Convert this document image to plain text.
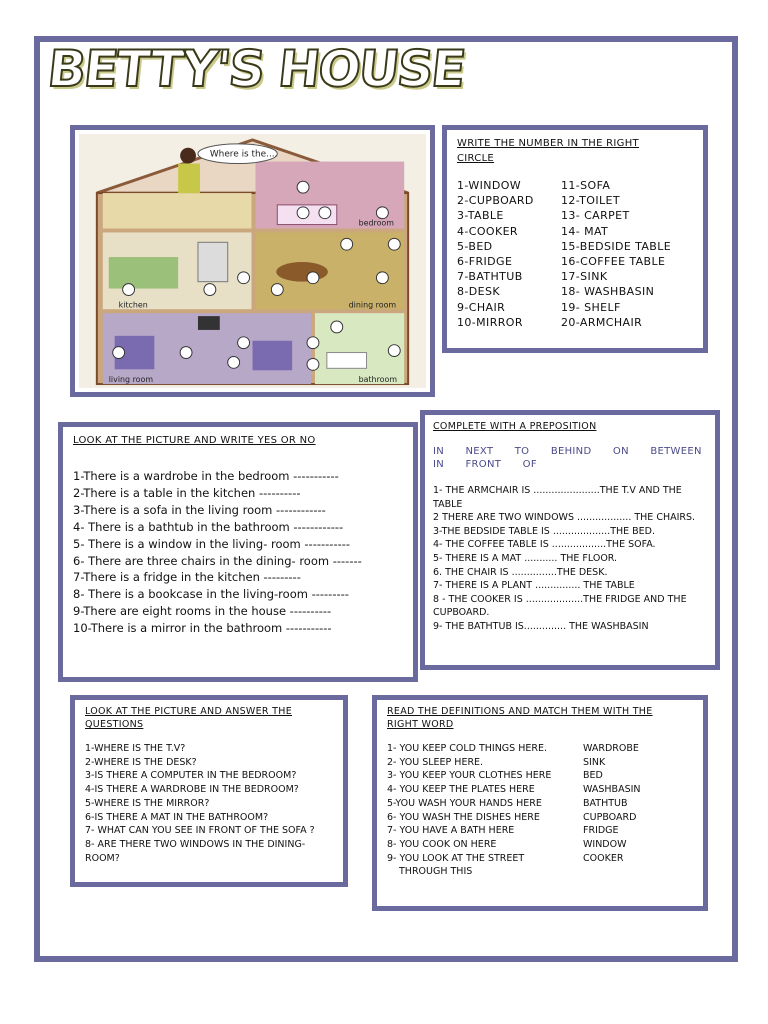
BETTY'S HOUSE
Where is the....
bedroom
kitchen	dining room
living room	bathroom
WRITE THE NUMBER IN THE RIGHT
CIRCLE
1-WINDOW
2-CUPBOARD
3-TABLE
4-COOKER
5-BED
6-FRIDGE
7-BATHTUB
8-DESK
9-CHAIR
10-MIRROR
11-SOFA
12-TOILET
13- CARPET
14- MAT
15-BEDSIDE TABLE
16-COFFEE TABLE
17-SINK
18- WASHBASIN
19- SHELF
20-ARMCHAIR
LOOK AT THE PICTURE AND WRITE YES OR NO
1-There is a wardrobe in the bedroom -----------
2-There is a table in the kitchen ----------
3-There is a sofa in the living room ------------
4- There is a bathtub in the bathroom ------------
5- There is a window in the living- room -----------
6- There are three chairs in the dining- room -------
7-There is a fridge in the kitchen ---------
8- There is a bookcase in the living-room ---------
9-There are eight rooms in the house ----------
10-There is a mirror in the bathroom -----------
COMPLETE WITH A PREPOSITION
IN NEXT TO BEHIND ON BETWEEN
IN FRONT OF
1- THE ARMCHAIR IS ......................THE T.V AND THE TABLE
2 THERE ARE TWO WINDOWS .................. THE CHAIRS.
3-THE BEDSIDE TABLE IS ...................THE BED.
4- THE COFFEE TABLE IS ..................THE SOFA.
5- THERE IS A MAT ........... THE FLOOR.
6. THE CHAIR IS ...............THE DESK.
7- THERE IS A PLANT ............... THE TABLE
8 - THE COOKER IS ...................THE FRIDGE AND THE CUPBOARD.
9- THE BATHTUB IS.............. THE WASHBASIN
LOOK AT THE PICTURE AND ANSWER THE
QUESTIONS
1-WHERE IS THE T.V?
2-WHERE IS THE DESK?
3-IS THERE A COMPUTER IN THE BEDROOM?
4-IS THERE A WARDROBE IN THE BEDROOM?
5-WHERE IS THE MIRROR?
6-IS THERE A MAT IN THE BATHROOM?
7- WHAT CAN YOU SEE IN FRONT OF THE SOFA ?
8- ARE THERE TWO WINDOWS IN THE DINING-ROOM?
READ THE DEFINITIONS AND MATCH THEM WITH THE
RIGHT WORD
1- YOU KEEP COLD THINGS HERE.	WARDROBE
2- YOU SLEEP HERE.	SINK
3- YOU KEEP YOUR CLOTHES HERE	BED
4- YOU KEEP THE PLATES HERE	WASHBASIN
5-YOU WASH YOUR HANDS HERE	BATHTUB
6- YOU WASH THE DISHES HERE	CUPBOARD
7- YOU HAVE A BATH HERE	FRIDGE
8- YOU COOK ON HERE	WINDOW
9- YOU LOOK AT THE STREET	COOKER
THROUGH THIS
